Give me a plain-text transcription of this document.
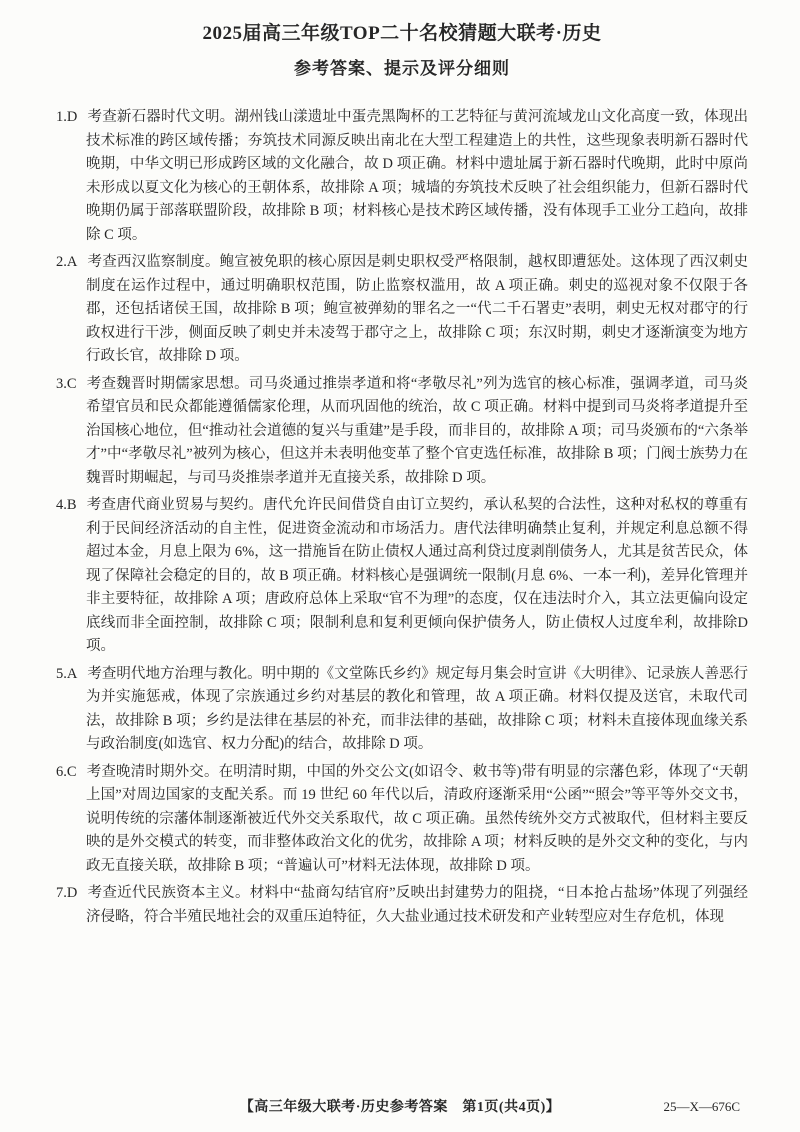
2025届高三年级TOP二十名校猜题大联考·历史
参考答案、提示及评分细则

1.D 考查新石器时代文明。湖州钱山漾遗址中蛋壳黑陶杯的工艺特征与黄河流域龙山文化高度一致，体现出技术标准的跨区域传播；夯筑技术同源反映出南北在大型工程建造上的共性，这些现象表明新石器时代晚期，中华文明已形成跨区域的文化融合，故 D 项正确。材料中遗址属于新石器时代晚期，此时中原尚未形成以夏文化为核心的王朝体系，故排除 A 项；城墙的夯筑技术反映了社会组织能力，但新石器时代晚期仍属于部落联盟阶段，故排除 B 项；材料核心是技术跨区域传播，没有体现手工业分工趋向，故排除 C 项。

2.A 考查西汉监察制度。鲍宣被免职的核心原因是刺史职权受严格限制，越权即遭惩处。这体现了西汉刺史制度在运作过程中，通过明确职权范围，防止监察权滥用，故 A 项正确。刺史的巡视对象不仅限于各郡，还包括诸侯王国，故排除 B 项；鲍宣被弹劾的罪名之一“代二千石署吏”表明，刺史无权对郡守的行政权进行干涉，侧面反映了刺史并未凌驾于郡守之上，故排除 C 项；东汉时期，刺史才逐渐演变为地方行政长官，故排除 D 项。

3.C 考查魏晋时期儒家思想。司马炎通过推崇孝道和将“孝敬尽礼”列为选官的核心标准，强调孝道，司马炎希望官员和民众都能遵循儒家伦理，从而巩固他的统治，故 C 项正确。材料中提到司马炎将孝道提升至治国核心地位，但“推动社会道德的复兴与重建”是手段，而非目的，故排除 A 项；司马炎颁布的“六条举才”中“孝敬尽礼”被列为核心，但这并未表明他变革了整个官吏选任标准，故排除 B 项；门阀士族势力在魏晋时期崛起，与司马炎推崇孝道并无直接关系，故排除 D 项。

4.B 考查唐代商业贸易与契约。唐代允许民间借贷自由订立契约，承认私契的合法性，这种对私权的尊重有利于民间经济活动的自主性，促进资金流动和市场活力。唐代法律明确禁止复利，并规定利息总额不得超过本金，月息上限为 6%，这一措施旨在防止债权人通过高利贷过度剥削债务人，尤其是贫苦民众，体现了保障社会稳定的目的，故 B 项正确。材料核心是强调统一限制(月息 6%、一本一利)，差异化管理并非主要特征，故排除 A 项；唐政府总体上采取“官不为理”的态度，仅在违法时介入，其立法更偏向设定底线而非全面控制，故排除 C 项；限制利息和复利更倾向保护债务人，防止债权人过度牟利，故排除D 项。

5.A 考查明代地方治理与教化。明中期的《文堂陈氏乡约》规定每月集会时宣讲《大明律》、记录族人善恶行为并实施惩戒，体现了宗族通过乡约对基层的教化和管理，故 A 项正确。材料仅提及送官，未取代司法，故排除 B 项；乡约是法律在基层的补充，而非法律的基础，故排除 C 项；材料未直接体现血缘关系与政治制度(如选官、权力分配)的结合，故排除 D 项。

6.C 考查晚清时期外交。在明清时期，中国的外交公文(如诏令、敕书等)带有明显的宗藩色彩，体现了“天朝上国”对周边国家的支配关系。而 19 世纪 60 年代以后，清政府逐渐采用“公函”“照会”等平等外交文书，说明传统的宗藩体制逐渐被近代外交关系取代，故 C 项正确。虽然传统外交方式被取代，但材料主要反映的是外交模式的转变，而非整体政治文化的优劣，故排除 A 项；材料反映的是外交文种的变化，与内政无直接关联，故排除 B 项；“普遍认可”材料无法体现，故排除 D 项。

7.D 考查近代民族资本主义。材料中“盐商勾结官府”反映出封建势力的阻挠，“日本抢占盐场”体现了列强经济侵略，符合半殖民地社会的双重压迫特征，久大盐业通过技术研发和产业转型应对生存危机，体现

【高三年级大联考·历史参考答案　第1页(共4页)】	25—X—676C
